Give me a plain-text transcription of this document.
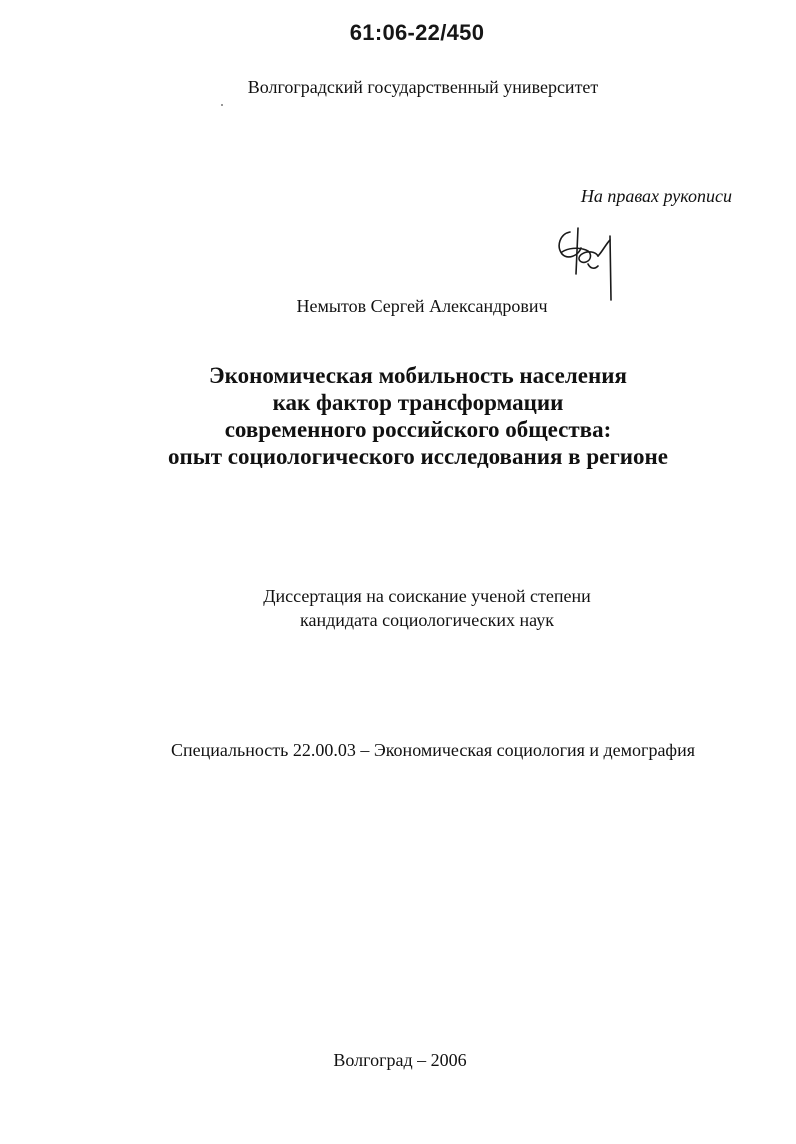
61:06-22/450
Волгоградский государственный университет
На правах рукописи
Немытов Сергей Александрович
Экономическая мобильность населения
как фактор трансформации
современного российского общества:
опыт социологического исследования в регионе
Диссертация на соискание ученой степени
кандидата социологических наук
Специальность 22.00.03 – Экономическая социология и демография
Волгоград – 2006
